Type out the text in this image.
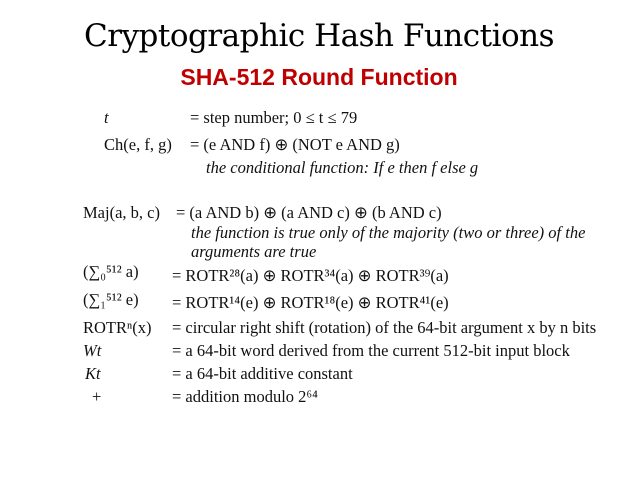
Cryptographic Hash Functions
SHA-512 Round Function
t	= step number; 0 ≤ t ≤ 79
Ch(e, f, g) = (e AND f) ⊕ (NOT e AND g)
the conditional function: If e then f else g
Maj(a, b, c) = (a AND b) ⊕ (a AND c) ⊕ (b AND c)
the function is true only of the majority (two or three) of the
arguments are true
(∑₀⁵¹² a) = ROTR²⁸(a) ⊕ ROTR³⁴(a) ⊕ ROTR³⁹(a)
(∑₁⁵¹² e) = ROTR¹⁴(e) ⊕ ROTR¹⁸(e) ⊕ ROTR⁴¹(e)
ROTRⁿ(x) = circular right shift (rotation) of the 64-bit argument x by n bits
Wt	= a 64-bit word derived from the current 512-bit input block
Kt	= a 64-bit additive constant
+	= addition modulo 2⁶⁴
